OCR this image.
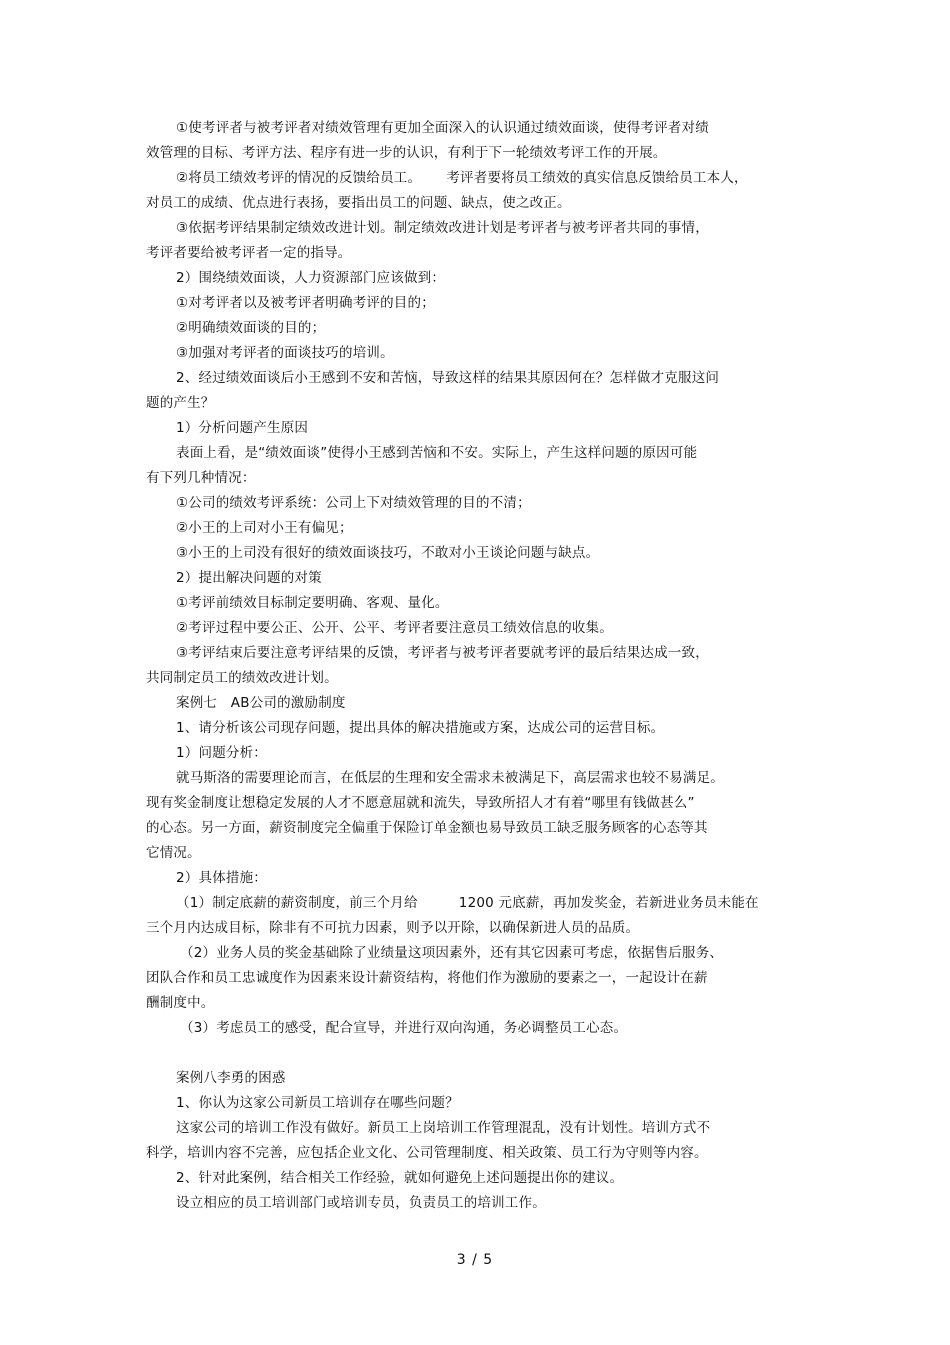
①使考评者与被考评者对绩效管理有更加全面深入的认识通过绩效面谈，使得考评者对绩
效管理的目标、考评方法、程序有进一步的认识，有利于下一轮绩效考评工作的开展。
②将员工绩效考评的情况的反馈给员工。　　 考评者要将员工绩效的真实信息反馈给员工本人，
对员工的成绩、优点进行表扬，要指出员工的问题、缺点，使之改正。
③依据考评结果制定绩效改进计划。制定绩效改进计划是考评者与被考评者共同的事情，
考评者要给被考评者一定的指导。
2）围绕绩效面谈，人力资源部门应该做到：
①对考评者以及被考评者明确考评的目的；
②明确绩效面谈的目的；
③加强对考评者的面谈技巧的培训。
2、经过绩效面谈后小王感到不安和苦恼，导致这样的结果其原因何在？怎样做才克服这问
题的产生？
1）分析问题产生原因
表面上看，是“绩效面谈”使得小王感到苦恼和不安。实际上，产生这样问题的原因可能
有下列几种情况：
①公司的绩效考评系统：公司上下对绩效管理的目的不清；
②小王的上司对小王有偏见；
③小王的上司没有很好的绩效面谈技巧，不敢对小王谈论问题与缺点。
2）提出解决问题的对策
①考评前绩效目标制定要明确、客观、量化。
②考评过程中要公正、公开、公平、考评者要注意员工绩效信息的收集。
③考评结束后要注意考评结果的反馈，考评者与被考评者要就考评的最后结果达成一致，
共同制定员工的绩效改进计划。
案例七　AB公司的激励制度
1、请分析该公司现存问题，提出具体的解决措施或方案，达成公司的运营目标。
1）问题分析：
就马斯洛的需要理论而言，在低层的生理和安全需求未被满足下，高层需求也较不易满足。
现有奖金制度让想稳定发展的人才不愿意屈就和流失，导致所招人才有着“哪里有钱做甚么”
的心态。另一方面，薪资制度完全偏重于保险订单金额也易导致员工缺乏服务顾客的心态等其
它情况。
2）具体措施：
（1）制定底薪的薪资制度，前三个月给　　　1200 元底薪，再加发奖金，若新进业务员未能在
三个月内达成目标，除非有不可抗力因素，则予以开除，以确保新进人员的品质。
（2）业务人员的奖金基础除了业绩量这项因素外，还有其它因素可考虑，依据售后服务、
团队合作和员工忠诚度作为因素来设计薪资结构，将他们作为激励的要素之一，一起设计在薪
酬制度中。
（3）考虑员工的感受，配合宣导，并进行双向沟通，务必调整员工心态。
案例八李勇的困惑
1、你认为这家公司新员工培训存在哪些问题？
这家公司的培训工作没有做好。新员工上岗培训工作管理混乱，没有计划性。培训方式不
科学，培训内容不完善，应包括企业文化、公司管理制度、相关政策、员工行为守则等内容。
2、针对此案例，结合相关工作经验，就如何避免上述问题提出你的建议。
设立相应的员工培训部门或培训专员，负责员工的培训工作。
3 / 5
